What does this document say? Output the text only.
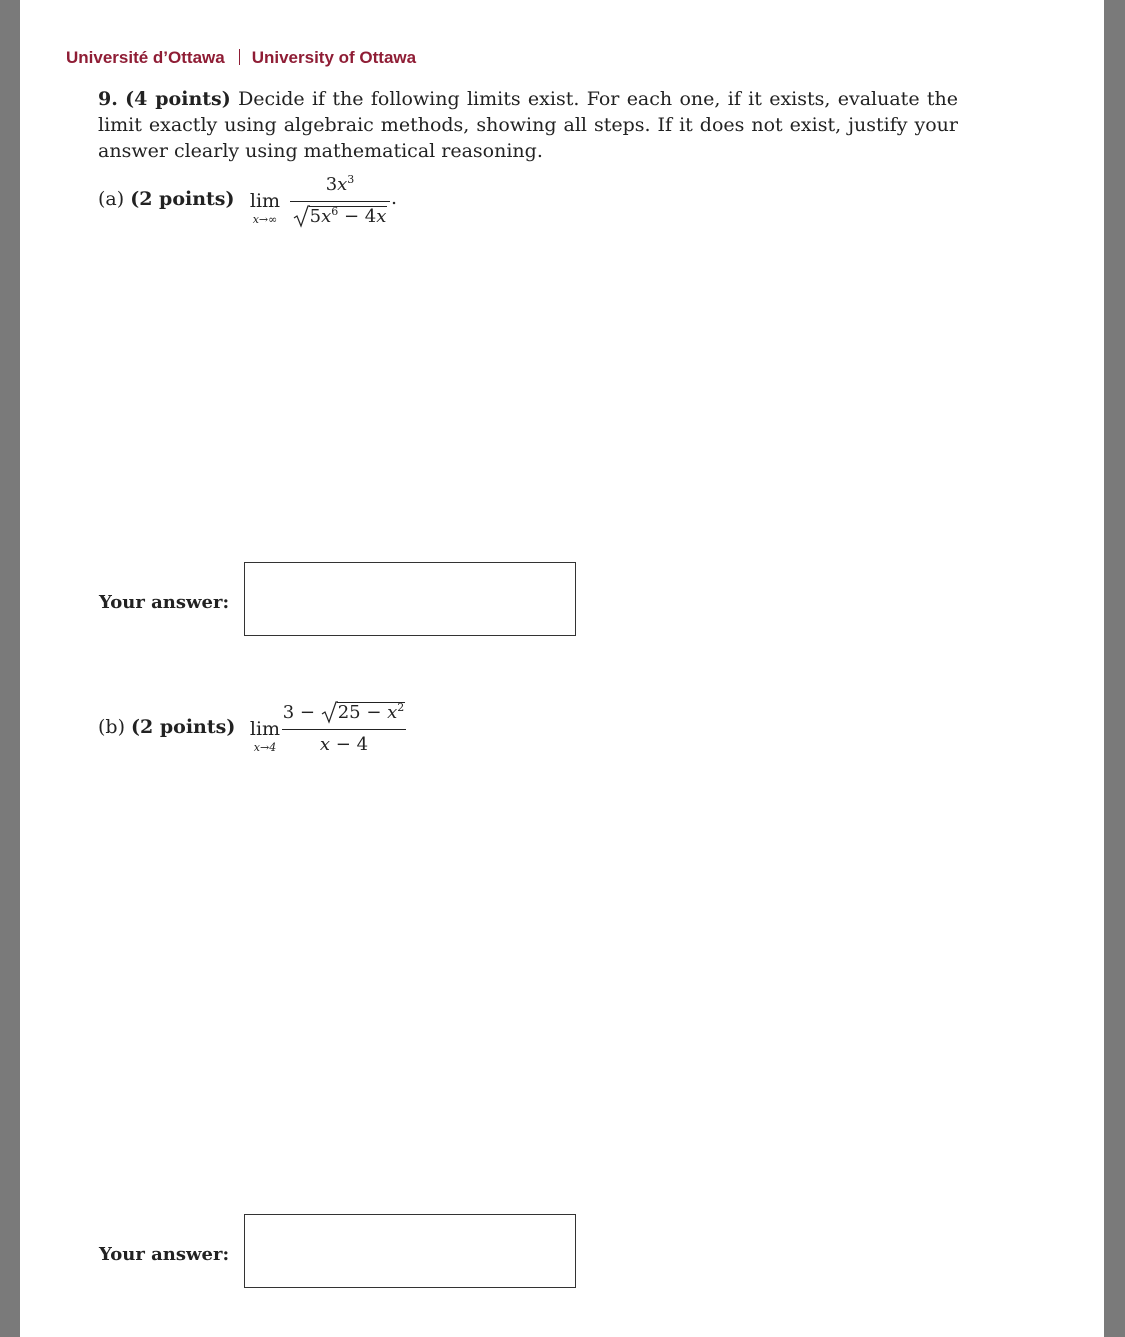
Université d’Ottawa University of Ottawa
9. (4 points) Decide if the following limits exist. For each one, if it exists, evaluate the limit exactly using algebraic methods, showing all steps. If it does not exist, justify your answer clearly using mathematical reasoning.
(a) (2 points) lim
x→∞
$3x^3$
$5x^6 - 4x$
.
Your answer:
(b) (2 points) lim
x→4
3 −
$25 - x^2$
x − 4
Your answer:
